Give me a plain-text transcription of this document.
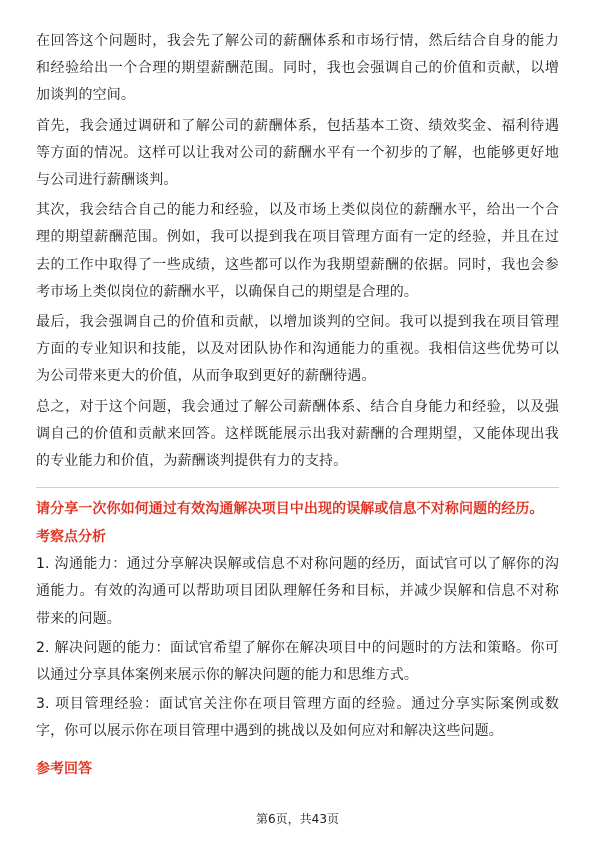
在回答这个问题时，我会先了解公司的薪酬体系和市场行情，然后结合自身的能力和经验给出一个合理的期望薪酬范围。同时，我也会强调自己的价值和贡献，以增加谈判的空间。

首先，我会通过调研和了解公司的薪酬体系，包括基本工资、绩效奖金、福利待遇等方面的情况。这样可以让我对公司的薪酬水平有一个初步的了解，也能够更好地与公司进行薪酬谈判。

其次，我会结合自己的能力和经验，以及市场上类似岗位的薪酬水平，给出一个合理的期望薪酬范围。例如，我可以提到我在项目管理方面有一定的经验，并且在过去的工作中取得了一些成绩，这些都可以作为我期望薪酬的依据。同时，我也会参考市场上类似岗位的薪酬水平，以确保自己的期望是合理的。

最后，我会强调自己的价值和贡献，以增加谈判的空间。我可以提到我在项目管理方面的专业知识和技能，以及对团队协作和沟通能力的重视。我相信这些优势可以为公司带来更大的价值，从而争取到更好的薪酬待遇。

总之，对于这个问题，我会通过了解公司薪酬体系、结合自身能力和经验，以及强调自己的价值和贡献来回答。这样既能展示出我对薪酬的合理期望，又能体现出我的专业能力和价值，为薪酬谈判提供有力的支持。

请分享一次你如何通过有效沟通解决项目中出现的误解或信息不对称问题的经历。

考察点分析

1. 沟通能力：通过分享解决误解或信息不对称问题的经历，面试官可以了解你的沟通能力。有效的沟通可以帮助项目团队理解任务和目标，并减少误解和信息不对称带来的问题。

2. 解决问题的能力：面试官希望了解你在解决项目中的问题时的方法和策略。你可以通过分享具体案例来展示你的解决问题的能力和思维方式。

3. 项目管理经验：面试官关注你在项目管理方面的经验。通过分享实际案例或数字，你可以展示你在项目管理中遇到的挑战以及如何应对和解决这些问题。

参考回答

第6页，共43页
